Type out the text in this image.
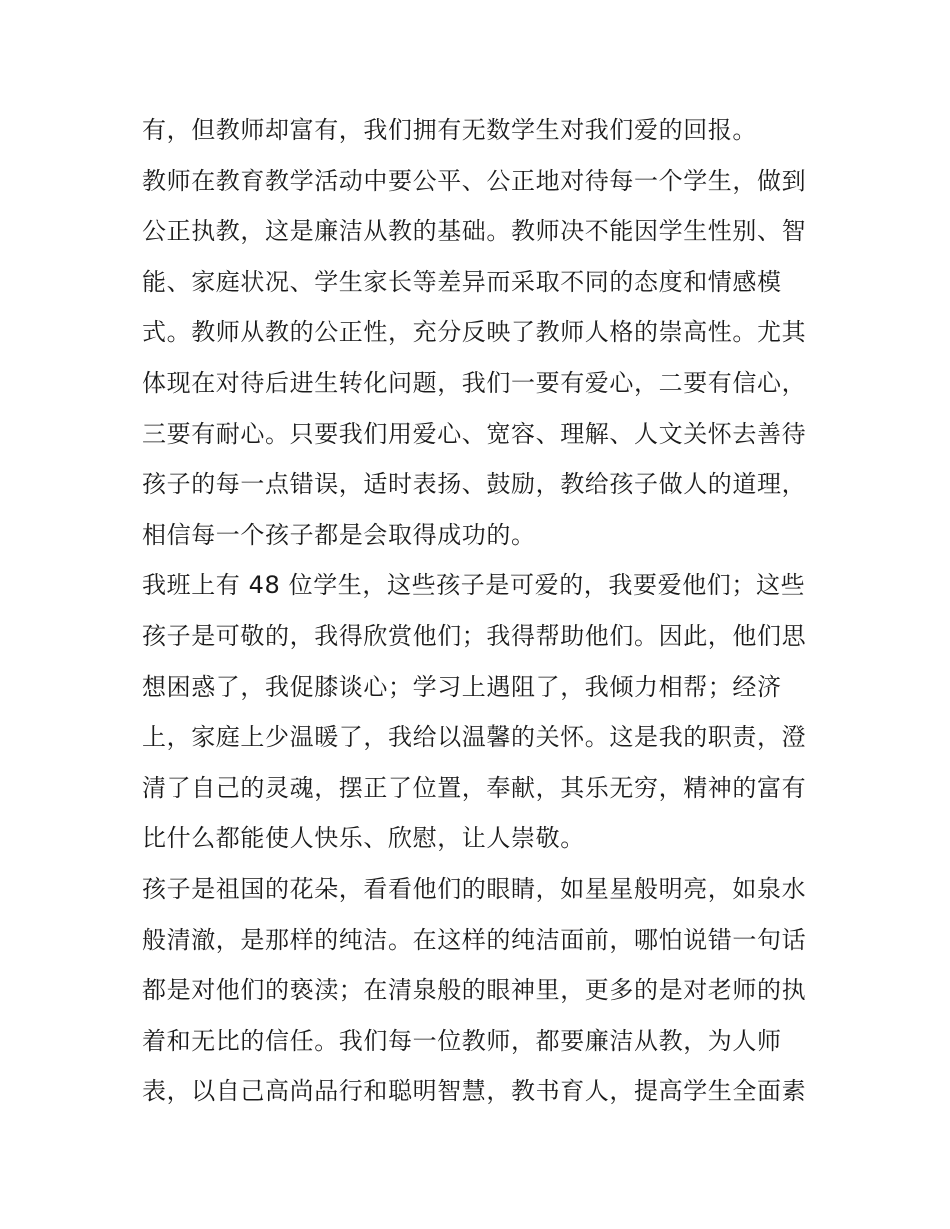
有，但教师却富有，我们拥有无数学生对我们爱的回报。
教师在教育教学活动中要公平、公正地对待每一个学生，做到
公正执教，这是廉洁从教的基础。教师决不能因学生性别、智
能、家庭状况、学生家长等差异而采取不同的态度和情感模
式。教师从教的公正性，充分反映了教师人格的崇高性。尤其
体现在对待后进生转化问题，我们一要有爱心，二要有信心，
三要有耐心。只要我们用爱心、宽容、理解、人文关怀去善待
孩子的每一点错误，适时表扬、鼓励，教给孩子做人的道理，
相信每一个孩子都是会取得成功的。
我班上有 48 位学生，这些孩子是可爱的，我要爱他们；这些
孩子是可敬的，我得欣赏他们；我得帮助他们。因此，他们思
想困惑了，我促膝谈心；学习上遇阻了，我倾力相帮；经济
上，家庭上少温暖了，我给以温馨的关怀。这是我的职责，澄
清了自己的灵魂，摆正了位置，奉献，其乐无穷，精神的富有
比什么都能使人快乐、欣慰，让人崇敬。
孩子是祖国的花朵，看看他们的眼睛，如星星般明亮，如泉水
般清澈，是那样的纯洁。在这样的纯洁面前，哪怕说错一句话
都是对他们的亵渎；在清泉般的眼神里，更多的是对老师的执
着和无比的信任。我们每一位教师，都要廉洁从教，为人师
表，以自己高尚品行和聪明智慧，教书育人，提高学生全面素
